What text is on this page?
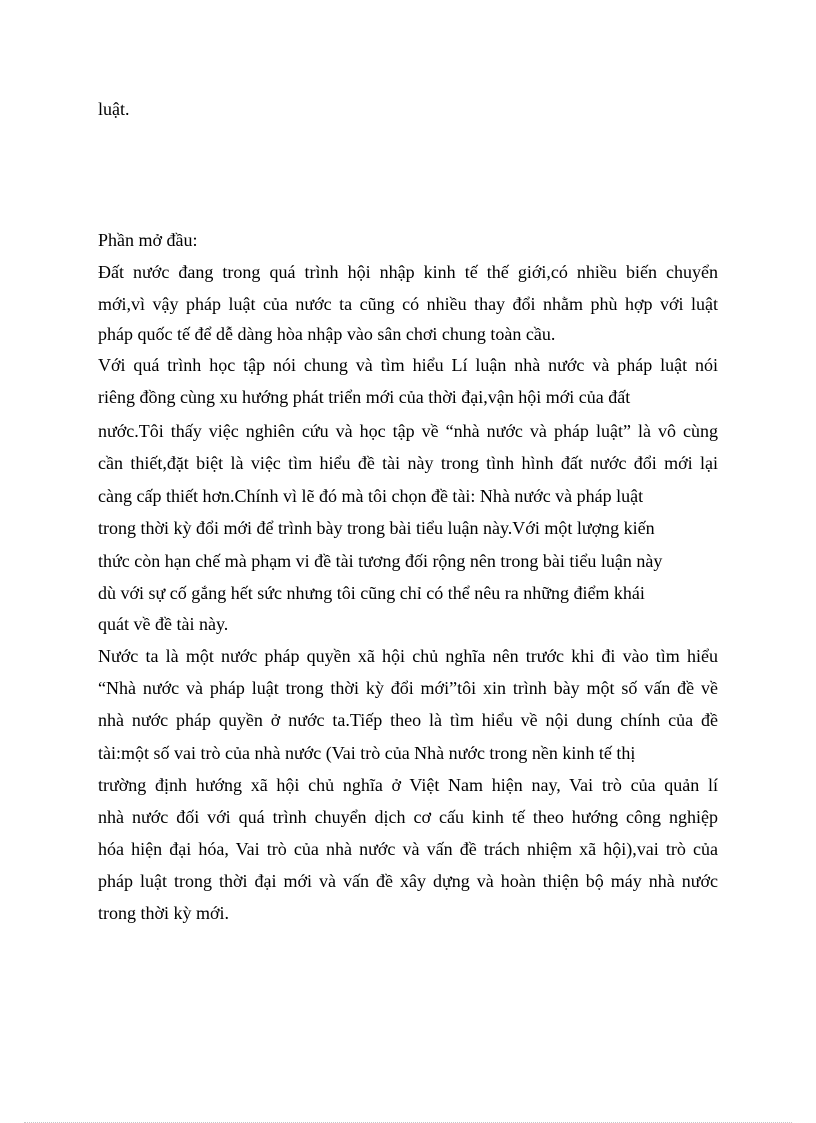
luật.
Phần mở đầu:
Đất nước đang trong quá trình hội nhập kinh tế thế giới,có nhiều biến chuyển
mới,vì vậy pháp luật của nước ta cũng có nhiều thay đổi nhằm phù hợp với luật
pháp quốc tế để dễ dàng hòa nhập vào sân chơi chung toàn cầu.
Với quá trình học tập nói chung và tìm hiểu Lí luận nhà nước và pháp luật nói
riêng đồng cùng xu hướng phát triển mới của thời đại,vận hội mới của đất
nước.Tôi thấy việc nghiên cứu và học tập về “nhà nước và pháp luật” là vô cùng
cần thiết,đặt biệt là việc tìm hiểu đề tài này trong tình hình đất nước đổi mới lại
càng cấp thiết hơn.Chính vì lẽ đó mà tôi chọn đề tài: Nhà nước và pháp luật
trong thời kỳ đổi mới để trình bày trong bài tiểu luận này.Với một lượng kiến
thức còn hạn chế mà phạm vi đề tài tương đối rộng nên trong bài tiểu luận này
dù với sự cố gắng hết sức nhưng tôi cũng chỉ có thể nêu ra những điểm khái
quát về đề tài này.
Nước ta là một nước pháp quyền xã hội chủ nghĩa nên trước khi đi vào tìm hiểu
“Nhà nước và pháp luật trong thời kỳ đổi mới”tôi xin trình bày một số vấn đề về
nhà nước pháp quyền ở nước ta.Tiếp theo là tìm hiểu về nội dung chính của đề
tài:một số vai trò của nhà nước (Vai trò của Nhà nước trong nền kinh tế thị
trường định hướng xã hội chủ nghĩa ở Việt Nam hiện nay, Vai trò của quản lí
nhà nước đối với quá trình chuyển dịch cơ cấu kinh tế theo hướng công nghiệp
hóa hiện đại hóa, Vai trò của nhà nước và vấn đề trách nhiệm xã hội),vai trò của
pháp luật trong thời đại mới và vấn đề xây dựng và hoàn thiện bộ máy nhà nước
trong thời kỳ mới.
